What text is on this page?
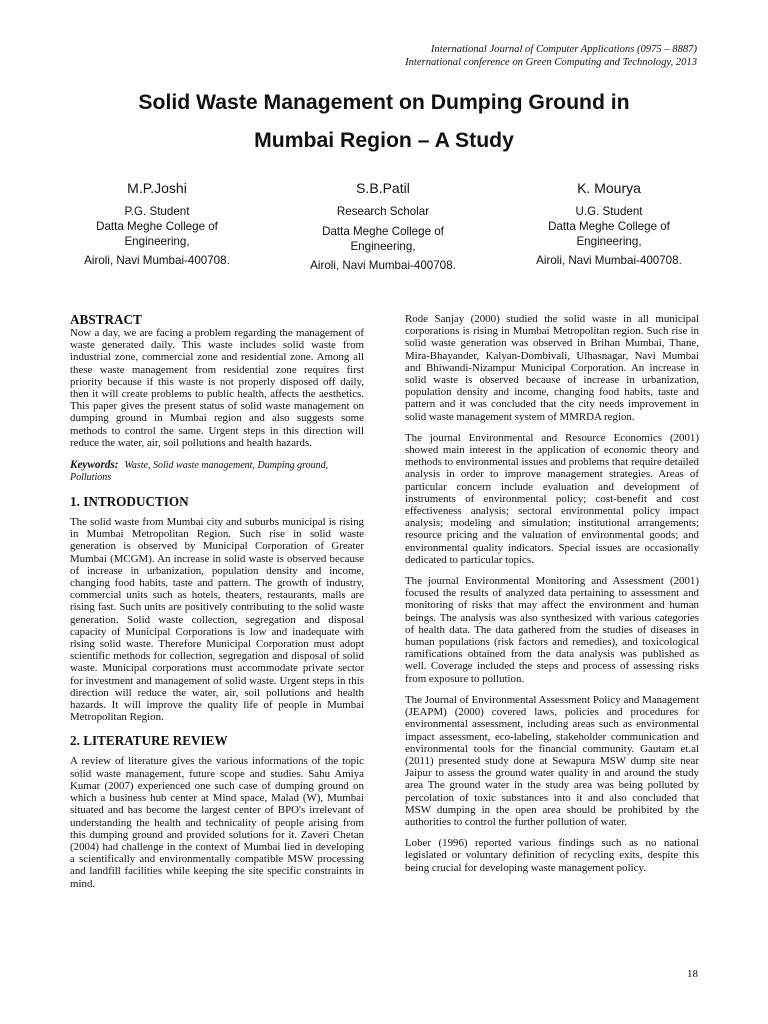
International Journal of Computer Applications (0975 – 8887)
International conference on Green Computing and Technology, 2013
Solid Waste Management on Dumping Ground in
Mumbai Region – A Study
M.P.Joshi
P.G. Student
Datta Meghe College of
Engineering,
Airoli, Navi Mumbai-400708.
S.B.Patil
Research Scholar
Datta Meghe College of
Engineering,
Airoli, Navi Mumbai-400708.
K. Mourya
U.G. Student
Datta Meghe College of
Engineering,
Airoli, Navi Mumbai-400708.
ABSTRACT

Now a day, we are facing a problem regarding the management of waste generated daily. This waste includes solid waste from industrial zone, commercial zone and residential zone. Among all these waste management from residential zone requires first priority because if this waste is not properly disposed off daily, then it will create problems to public health, affects the aesthetics. This paper gives the present status of solid waste management on dumping ground in Mumbai region and also suggests some methods to control the same. Urgent steps in this direction will reduce the water, air, soil pollutions and health hazards.

Keywords: Waste, Solid waste management, Dumping ground, Pollutions
1. INTRODUCTION

The solid waste from Mumbai city and suburbs municipal is rising in Mumbai Metropolitan Region. Such rise in solid waste generation is observed by Municipal Corporation of Greater Mumbai (MCGM). An increase in solid waste is observed because of increase in urbanization, population density and income, changing food habits, taste and pattern. The growth of industry, commercial units such as hotels, theaters, restaurants, malls are rising fast. Such units are positively contributing to the solid waste generation. Solid waste collection, segregation and disposal capacity of Municipal Corporations is low and inadequate with rising solid waste. Therefore Municipal Corporation must adopt scientific methods for collection, segregation and disposal of solid waste. Municipal corporations must accommodate private sector for investment and management of solid waste. Urgent steps in this direction will reduce the water, air, soil pollutions and health hazards. It will improve the quality life of people in Mumbai Metropolitan Region.

2. LITERATURE REVIEW

A review of literature gives the various informations of the topic solid waste management, future scope and studies. Sahu Amiya Kumar (2007) experienced one such case of dumping ground on which a business hub center at Mind space, Malad (W), Mumbai situated and has become the largest center of BPO's irrelevant of understanding the health and technicality of people arising from this dumping ground and provided solutions for it. Zaveri Chetan (2004) had challenge in the context of Mumbai lied in developing a scientifically and environmentally compatible MSW processing and landfill facilities while keeping the site specific constraints in mind.

Rode Sanjay (2000) studied the solid waste in all municipal corporations is rising in Mumbai Metropolitan region. Such rise in solid waste generation was observed in Brihan Mumbai, Thane, Mira-Bhayander, Kalyan-Dombivali, Ulhasnagar, Navi Mumbai and Bhiwandi-Nizampur Municipal Corporation. An increase in solid waste is observed because of increase in urbanization, population density and income, changing food habits, taste and pattern and it was concluded that the city needs improvement in solid waste management system of MMRDA region.

The journal Environmental and Resource Economics (2001) showed main interest in the application of economic theory and methods to environmental issues and problems that require detailed analysis in order to improve management strategies. Areas of particular concern include evaluation and development of instruments of environmental policy; cost-benefit and cost effectiveness analysis; sectoral environmental policy impact analysis; modeling and simulation; institutional arrangements; resource pricing and the valuation of environmental goods; and environmental quality indicators. Special issues are occasionally dedicated to particular topics.

The journal Environmental Monitoring and Assessment (2001) focused the results of analyzed data pertaining to assessment and monitoring of risks that may affect the environment and human beings. The analysis was also synthesized with various categories of health data. The data gathered from the studies of diseases in human populations (risk factors and remedies), and toxicological ramifications obtained from the data analysis was published as well. Coverage included the steps and process of assessing risks from exposure to pollution.

The Journal of Environmental Assessment Policy and Management (JEAPM) (2000) covered laws, policies and procedures for environmental assessment, including areas such as environmental impact assessment, eco-labeling, stakeholder communication and environmental tools for the financial community. Gautam et.al (2011) presented study done at Sewapura MSW dump site near Jaipur to assess the ground water quality in and around the study area The ground water in the study area was being polluted by percolation of toxic substances into it and also concluded that MSW dumping in the open area should be prohibited by the authorities to control the further pollution of water.

Lober (1996) reported various findings such as no national legislated or voluntary definition of recycling exits, despite this being crucial for developing waste management policy.

18
